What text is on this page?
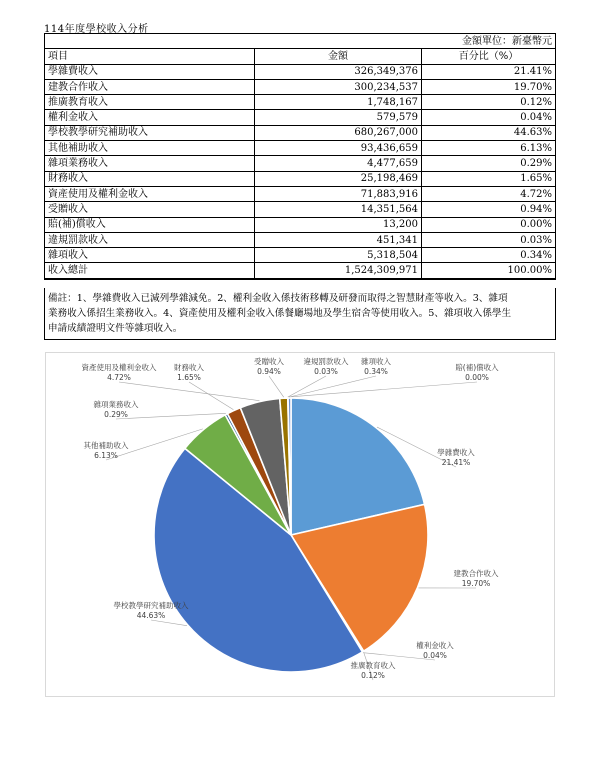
114年度學校收入分析
金額單位：新臺幣元		
項目	金額	百分比（%）
學雜費收入	326,349,376	21.41%
建教合作收入	300,234,537	19.70%
推廣教育收入	1,748,167	0.12%
權利金收入	579,579	0.04%
學校教學研究補助收入	680,267,000	44.63%
其他補助收入	93,436,659	6.13%
雜項業務收入	4,477,659	0.29%
財務收入	25,198,469	1.65%
資產使用及權利金收入	71,883,916	4.72%
受贈收入	14,351,564	0.94%
賠(補)償收入	13,200	0.00%
違規罰款收入	451,341	0.03%
雜項收入	5,318,504	0.34%
收入總計	1,524,309,971	100.00%
備註：1、學雜費收入已減列學雜減免。2、權利金收入係技術移轉及研發而取得之智慧財產等收入。3、雜項
業務收入係招生業務收入。4、資產使用及權利金收入係餐廳場地及學生宿舍等使用收入。5、雜項收入係學生
申請成績證明文件等雜項收入。
學雜費收入
21.41%
建教合作收入
19.70%
推廣教育收入
0.12%
權利金收入
0.04%
學校教學研究補助收入
44.63%
其他補助收入
6.13%
雜項業務收入
0.29%
財務收入
1.65%
資產使用及權利金收入
4.72%
受贈收入
0.94%	賠(補)償收入
0.00%
違規罰款收入
0.03%
雜項收入
0.34%
